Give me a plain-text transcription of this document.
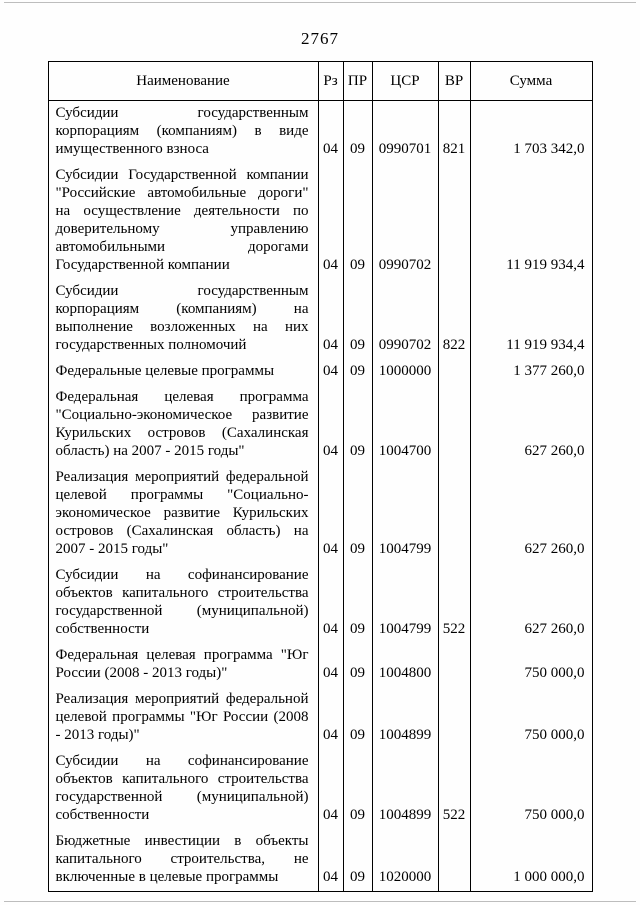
2767
Наименование	Рз	ПР	ЦСР	ВР	Сумма
Субсидии государственным корпорациям (компаниям) в виде имущественного взноса	04	09	0990701	821	1 703 342,0
Субсидии Государственной компании "Российские автомобильные дороги" на осуществление деятельности по доверительному управлению автомобильными дорогами Государственной компании	04	09	0990702		11 919 934,4
Субсидии государственным корпорациям (компаниям) на выполнение возложенных на них государственных полномочий	04	09	0990702	822	11 919 934,4
Федеральные целевые программы	04	09	1000000		1 377 260,0
Федеральная целевая программа "Социально-экономическое развитие Курильских островов (Сахалинская область) на 2007 - 2015 годы"	04	09	1004700		627 260,0
Реализация мероприятий федеральной целевой программы "Социально-экономическое развитие Курильских островов (Сахалинская область) на 2007 - 2015 годы"	04	09	1004799		627 260,0
Субсидии на софинансирование объектов капитального строительства государственной (муниципальной) собственности	04	09	1004799	522	627 260,0
Федеральная целевая программа "Юг России (2008 - 2013 годы)"	04	09	1004800		750 000,0
Реализация мероприятий федеральной целевой программы "Юг России (2008 - 2013 годы)"	04	09	1004899		750 000,0
Субсидии на софинансирование объектов капитального строительства государственной (муниципальной) собственности	04	09	1004899	522	750 000,0
Бюджетные инвестиции в объекты капитального строительства, не включенные в целевые программы	04	09	1020000		1 000 000,0
